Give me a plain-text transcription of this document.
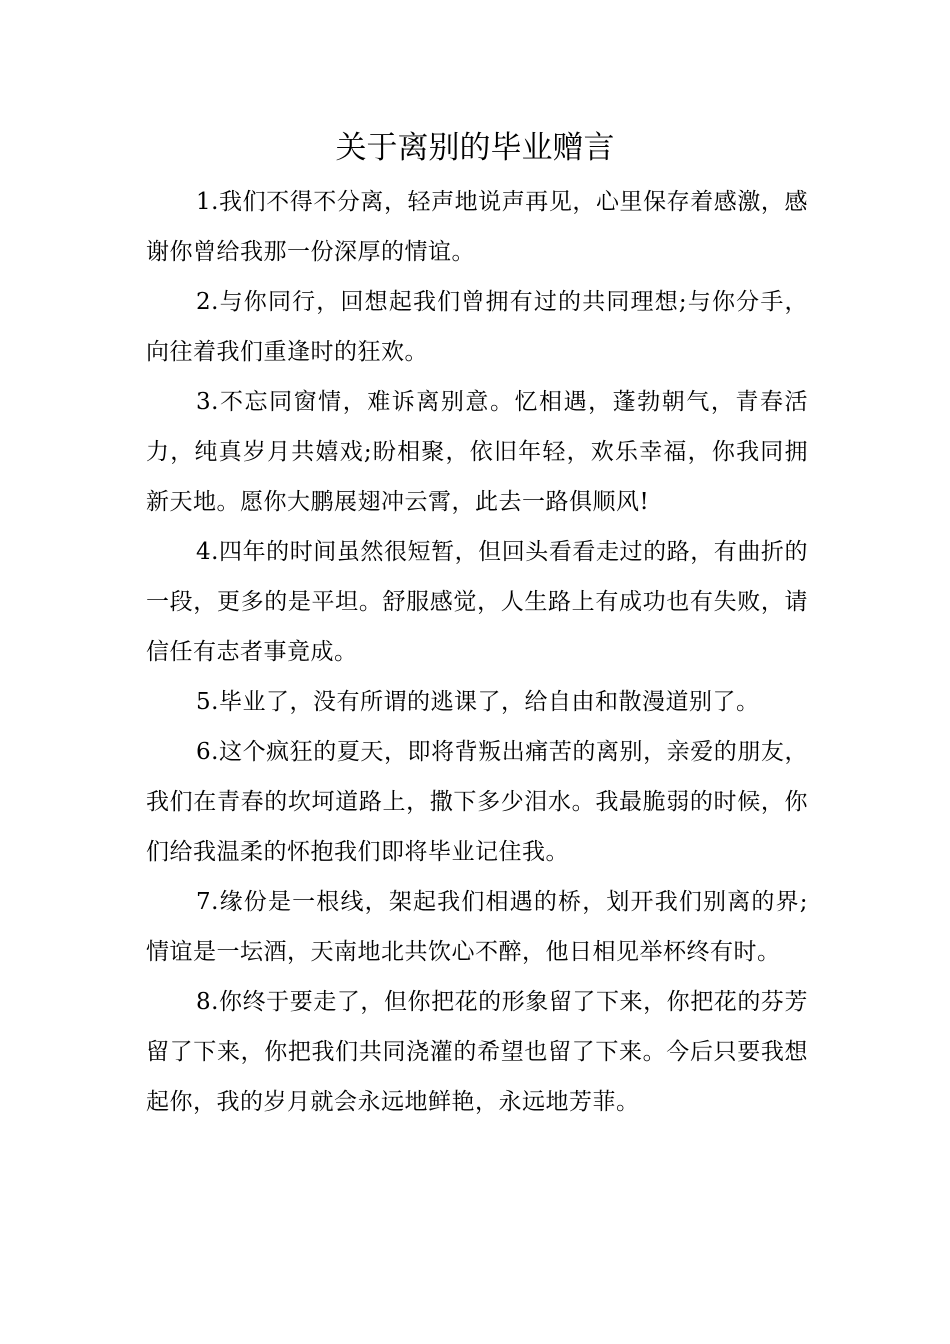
关于离别的毕业赠言

1.我们不得不分离，轻声地说声再见，心里保存着感激，感谢你曾给我那一份深厚的情谊。

2.与你同行，回想起我们曾拥有过的共同理想;与你分手，向往着我们重逢时的狂欢。

3.不忘同窗情，难诉离别意。忆相遇，蓬勃朝气，青春活力，纯真岁月共嬉戏;盼相聚，依旧年轻，欢乐幸福，你我同拥新天地。愿你大鹏展翅冲云霄，此去一路俱顺风!

4.四年的时间虽然很短暂，但回头看看走过的路，有曲折的一段，更多的是平坦。舒服感觉，人生路上有成功也有失败，请信任有志者事竟成。

5.毕业了，没有所谓的逃课了，给自由和散漫道别了。

6.这个疯狂的夏天，即将背叛出痛苦的离别，亲爱的朋友，我们在青春的坎坷道路上，撒下多少泪水。我最脆弱的时候，你们给我温柔的怀抱我们即将毕业记住我。

7.缘份是一根线，架起我们相遇的桥，划开我们别离的界;情谊是一坛酒，天南地北共饮心不醉，他日相见举杯终有时。

8.你终于要走了，但你把花的形象留了下来，你把花的芬芳留了下来，你把我们共同浇灌的希望也留了下来。今后只要我想起你，我的岁月就会永远地鲜艳，永远地芳菲。
